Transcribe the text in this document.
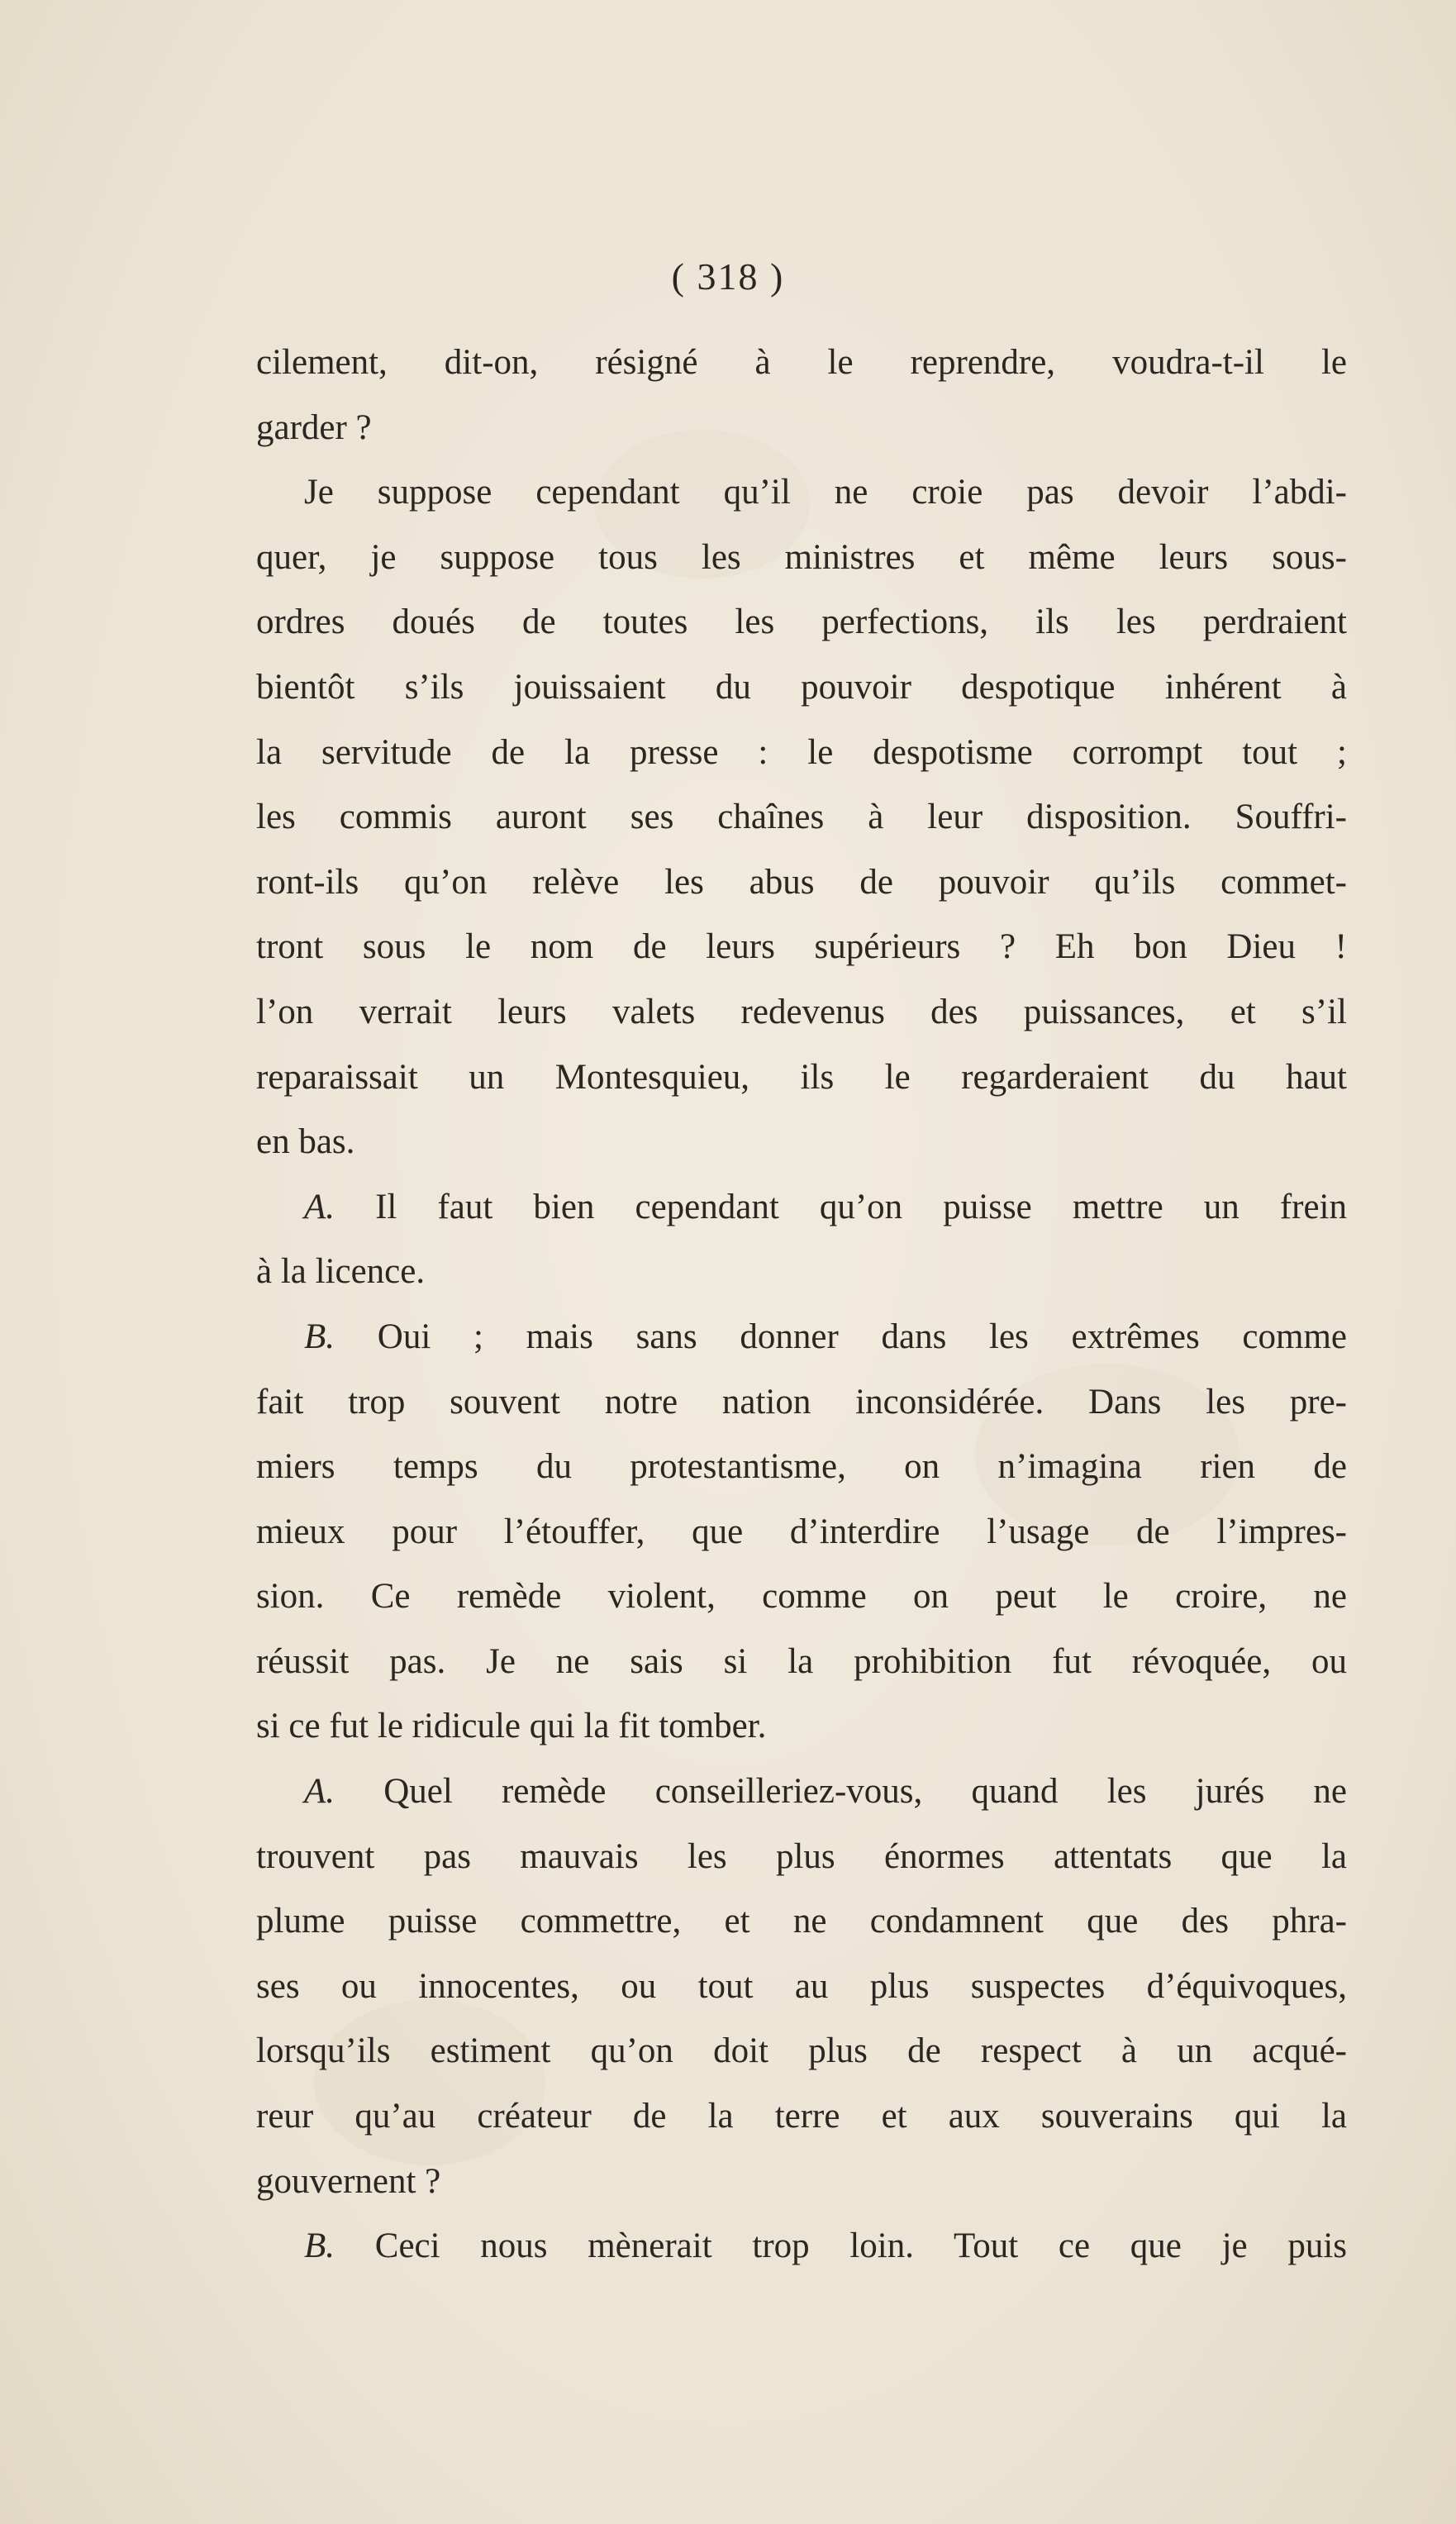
( 318 )
cilement, dit-on, résigné à le reprendre, voudra-t-il le
garder ?
Je suppose cependant qu’il ne croie pas devoir l’abdi-
quer, je suppose tous les ministres et même leurs sous-
ordres doués de toutes les perfections, ils les perdraient
bientôt s’ils jouissaient du pouvoir despotique inhérent à
la servitude de la presse : le despotisme corrompt tout ;
les commis auront ses chaînes à leur disposition. Souffri-
ront-ils qu’on relève les abus de pouvoir qu’ils commet-
tront sous le nom de leurs supérieurs ? Eh bon Dieu !
l’on verrait leurs valets redevenus des puissances, et s’il
reparaissait un Montesquieu, ils le regarderaient du haut
en bas.
A. Il faut bien cependant qu’on puisse mettre un frein
à la licence.
B. Oui ; mais sans donner dans les extrêmes comme
fait trop souvent notre nation inconsidérée. Dans les pre-
miers temps du protestantisme, on n’imagina rien de
mieux pour l’étouffer, que d’interdire l’usage de l’impres-
sion. Ce remède violent, comme on peut le croire, ne
réussit pas. Je ne sais si la prohibition fut révoquée, ou
si ce fut le ridicule qui la fit tomber.
A. Quel remède conseilleriez-vous, quand les jurés ne
trouvent pas mauvais les plus énormes attentats que la
plume puisse commettre, et ne condamnent que des phra-
ses ou innocentes, ou tout au plus suspectes d’équivoques,
lorsqu’ils estiment qu’on doit plus de respect à un acqué-
reur qu’au créateur de la terre et aux souverains qui la
gouvernent ?
B. Ceci nous mènerait trop loin. Tout ce que je puis
